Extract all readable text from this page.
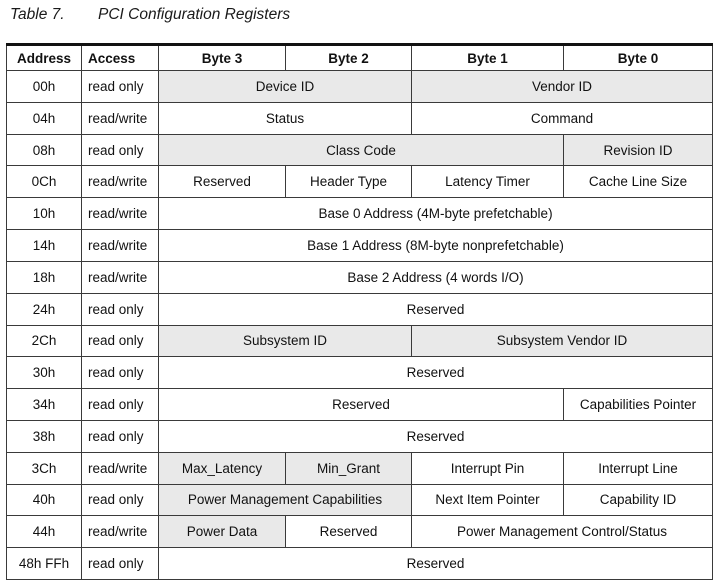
Table 7. PCI Configuration Registers
Address	Access	Byte 3	Byte 2	Byte 1	Byte 0
00h	read only	Device ID		Vendor ID	
04h	read/write	Status		Command	
08h	read only	Class Code			Revision ID
0Ch	read/write	Reserved	Header Type	Latency Timer	Cache Line Size
10h	read/write	Base 0 Address (4M-byte prefetchable)			
14h	read/write	Base 1 Address (8M-byte nonprefetchable)			
18h	read/write	Base 2 Address (4 words I/O)			
24h	read only	Reserved			
2Ch	read only	Subsystem ID		Subsystem Vendor ID	
30h	read only	Reserved			
34h	read only	Reserved			Capabilities Pointer
38h	read only	Reserved			
3Ch	read/write	Max_Latency	Min_Grant	Interrupt Pin	Interrupt Line
40h	read only	Power Management Capabilities		Next Item Pointer	Capability ID
44h	read/write	Power Data	Reserved	Power Management Control/Status	
48h FFh	read only	Reserved			
